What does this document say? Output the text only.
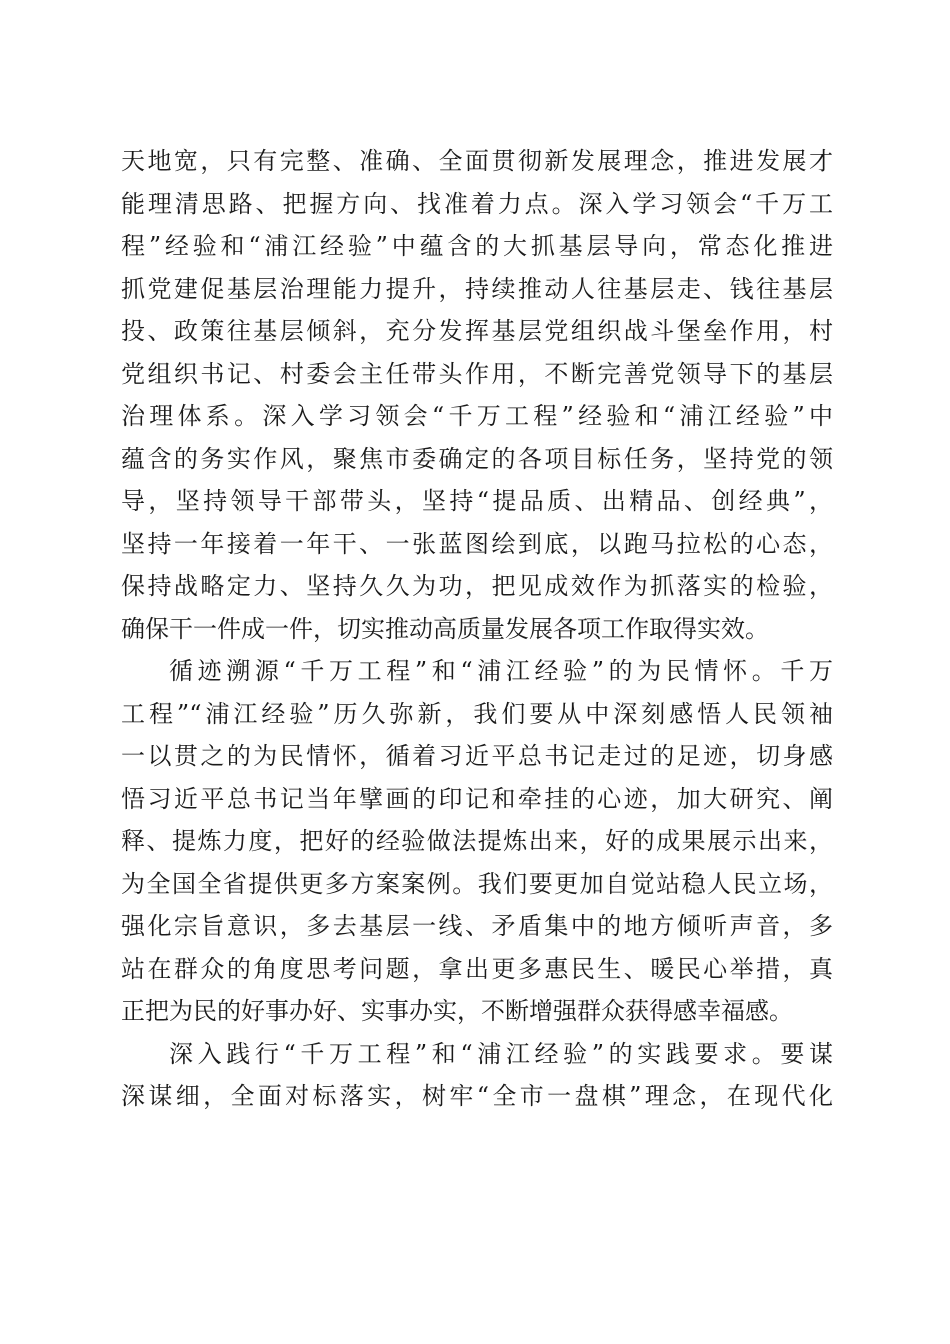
天地宽，只有完整、准确、全面贯彻新发展理念，推进发展才
能理清思路、把握方向、找准着力点。深入学习领会“千万工
程”经验和“浦江经验”中蕴含的大抓基层导向，常态化推进
抓党建促基层治理能力提升，持续推动人往基层走、钱往基层
投、政策往基层倾斜，充分发挥基层党组织战斗堡垒作用，村
党组织书记、村委会主任带头作用，不断完善党领导下的基层
治理体系。深入学习领会“千万工程”经验和“浦江经验”中
蕴含的务实作风，聚焦市委确定的各项目标任务，坚持党的领
导，坚持领导干部带头，坚持“提品质、出精品、创经典”，
坚持一年接着一年干、一张蓝图绘到底，以跑马拉松的心态，
保持战略定力、坚持久久为功，把见成效作为抓落实的检验，
确保干一件成一件，切实推动高质量发展各项工作取得实效。
循迹溯源“千万工程”和“浦江经验”的为民情怀。千万
工程”“浦江经验”历久弥新，我们要从中深刻感悟人民领袖
一以贯之的为民情怀，循着习近平总书记走过的足迹，切身感
悟习近平总书记当年擘画的印记和牵挂的心迹，加大研究、阐
释、提炼力度，把好的经验做法提炼出来，好的成果展示出来，
为全国全省提供更多方案案例。我们要更加自觉站稳人民立场，
强化宗旨意识，多去基层一线、矛盾集中的地方倾听声音，多
站在群众的角度思考问题，拿出更多惠民生、暖民心举措，真
正把为民的好事办好、实事办实，不断增强群众获得感幸福感。
深入践行“千万工程”和“浦江经验”的实践要求。要谋
深谋细，全面对标落实，树牢“全市一盘棋”理念，在现代化
